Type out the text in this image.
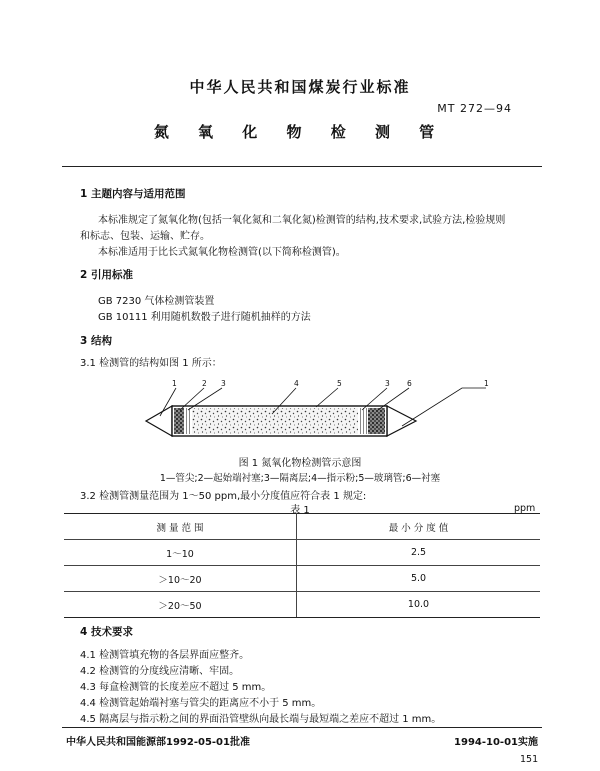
中华人民共和国煤炭行业标准
MT 272—94
氮 氧 化 物 检 测 管
1 主题内容与适用范围
本标准规定了氮氧化物(包括一氧化氮和二氧化氮)检测管的结构,技术要求,试验方法,检验规则
和标志、包装、运输、贮存。
本标准适用于比长式氮氧化物检测管(以下简称检测管)。
2 引用标准
GB 7230 气体检测管装置
GB 10111 利用随机数骰子进行随机抽样的方法
3 结构
3.1 检测管的结构如图 1 所示：
1	2 3	4	5	3 6	1
图 1 氮氧化物检测管示意图
1—管尖;2—起始端衬塞;3—隔离层;4—指示粉;5—玻璃管;6—衬塞
3.2 检测管测量范围为 1～50 ppm,最小分度值应符合表 1 规定:
表 1	ppm
测 量 范 围	最 小 分 度 值
1～10	2.5
＞10～20	5.0
＞20～50	10.0
4 技术要求
4.1 检测管填充物的各层界面应整齐。
4.2 检测管的分度线应清晰、牢固。
4.3 每盒检测管的长度差应不超过 5 mm。
4.4 检测管起始端衬塞与管尖的距离应不小于 5 mm。
4.5 隔离层与指示粉之间的界面沿管壁纵向最长端与最短端之差应不超过 1 mm。
中华人民共和国能源部1992-05-01批准	1994-10-01实施
151
